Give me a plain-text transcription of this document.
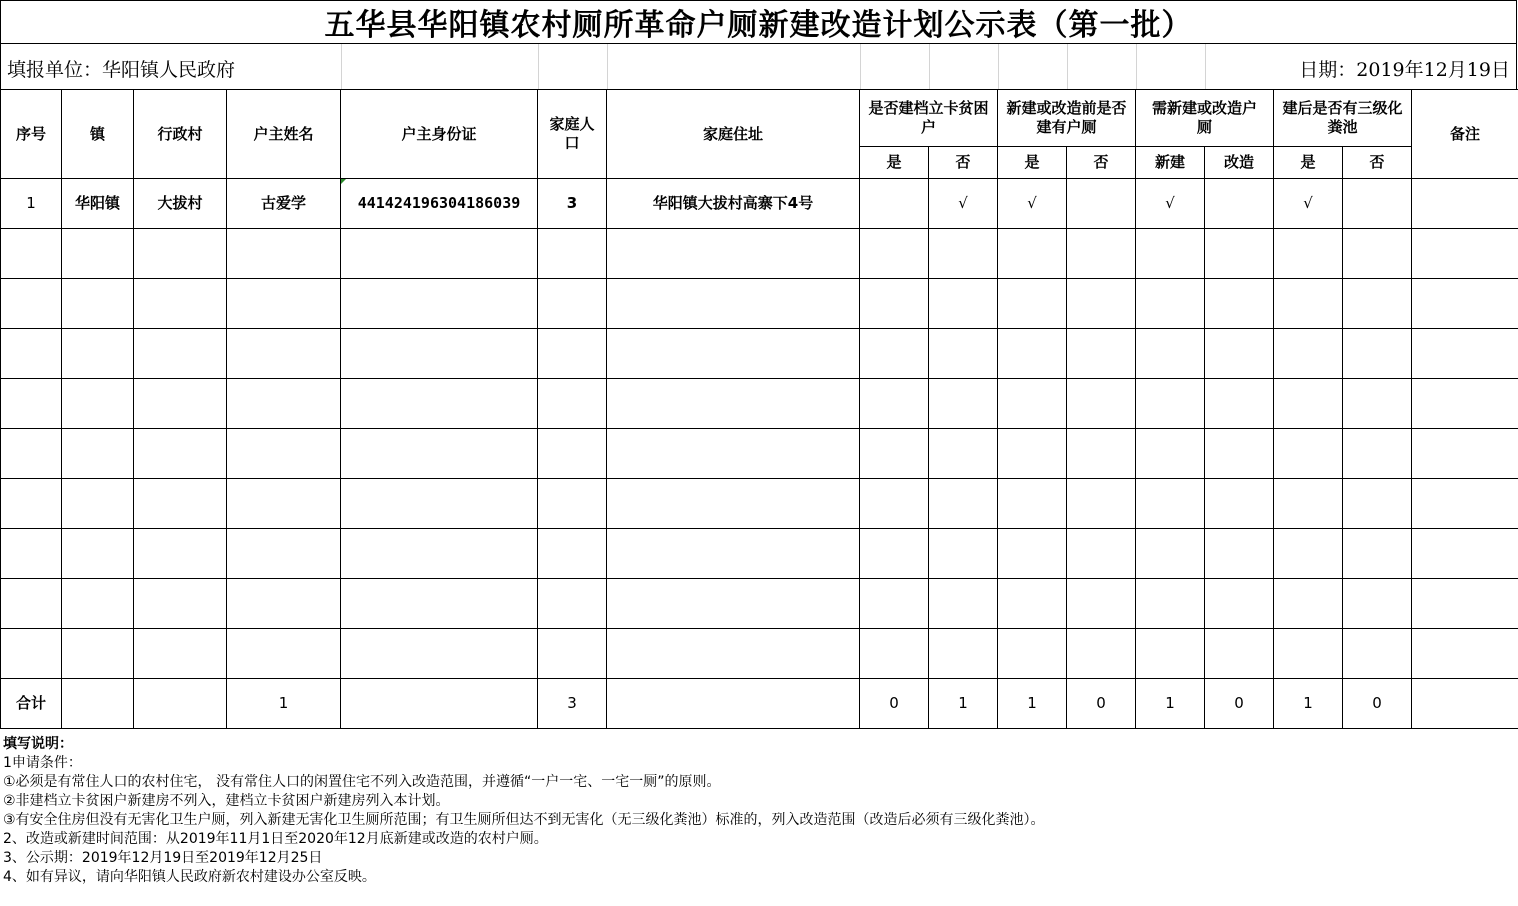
五华县华阳镇农村厕所革命户厕新建改造计划公示表（第一批）
填报单位：华阳镇人民政府	日期：2019年12月19日
序号	镇	行政村	户主姓名	户主身份证	家庭人口	家庭住址	是否建档立卡贫困户		新建或改造前是否建有户厕		需新建或改造户厕		建后是否有三级化粪池		备注
							是	否	是	否	新建	改造	是	否	
1	华阳镇	大拔村	古爱学	441424196304186039	3	华阳镇大拔村高寨下4号		√	√		√		√		

合计			1		3		0	1	1	0	1	0	1	0	
填写说明：
1申请条件：
①必须是有常住人口的农村住宅， 没有常住人口的闲置住宅不列入改造范围，并遵循“一户一宅、一宅一厕”的原则。
②非建档立卡贫困户新建房不列入，建档立卡贫困户新建房列入本计划。
③有安全住房但没有无害化卫生户厕，列入新建无害化卫生厕所范围；有卫生厕所但达不到无害化（无三级化粪池）标准的，列入改造范围（改造后必须有三级化粪池）。
2、改造或新建时间范围：从2019年11月1日至2020年12月底新建或改造的农村户厕。
3、公示期：2019年12月19日至2019年12月25日
4、如有异议，请向华阳镇人民政府新农村建设办公室反映。
